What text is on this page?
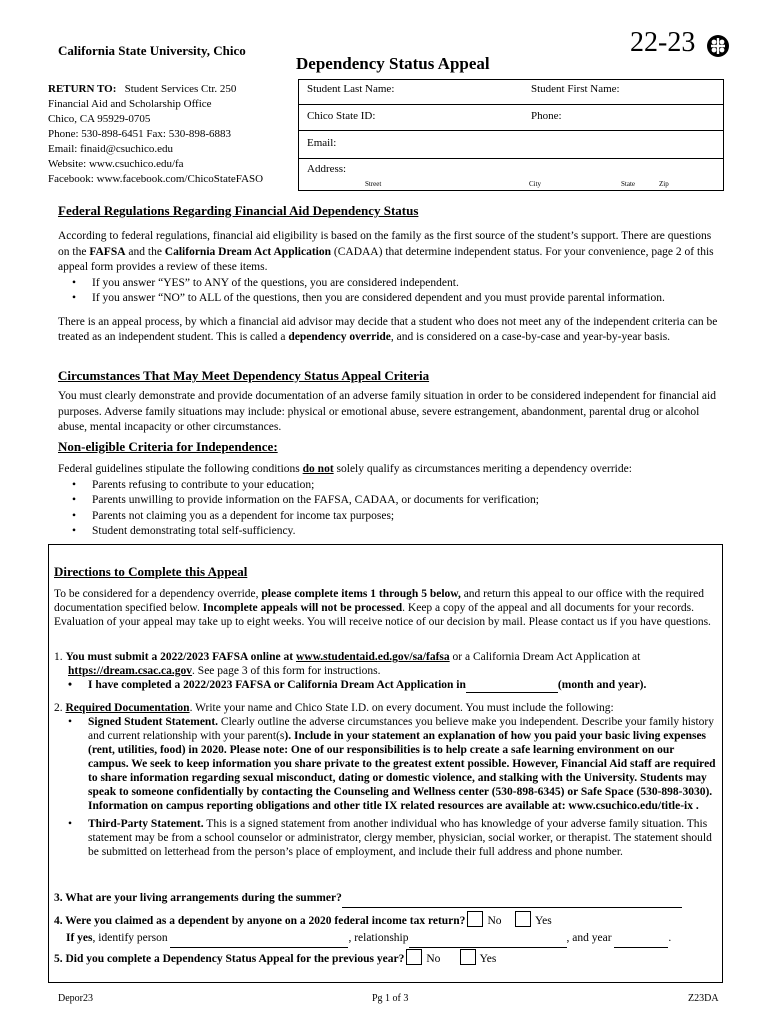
California State University, Chico
Dependency Status Appeal
22-23
RETURN TO: Student Services Ctr. 250
Financial Aid and Scholarship Office
Chico, CA 95929-0705
Phone: 530-898-6451 Fax: 530-898-6883
Email: finaid@csuchico.edu
Website: www.csuchico.edu/fa
Facebook: www.facebook.com/ChicoStateFASO
Student Last Name:	Student First Name:
Chico State ID:	Phone:
Email:
Address:
Street	City	State	Zip
Federal Regulations Regarding Financial Aid Dependency Status
According to federal regulations, financial aid eligibility is based on the family as the first source of the student’s support. There are questions on the FAFSA and the California Dream Act Application (CADAA) that determine independent status. For your convenience, page 2 of this appeal form provides a review of these items.
• If you answer “YES” to ANY of the questions, you are considered independent.
• If you answer “NO” to ALL of the questions, then you are considered dependent and you must provide parental information.
There is an appeal process, by which a financial aid advisor may decide that a student who does not meet any of the independent criteria can be treated as an independent student. This is called a dependency override, and is considered on a case-by-case and year-by-year basis.
Circumstances That May Meet Dependency Status Appeal Criteria
You must clearly demonstrate and provide documentation of an adverse family situation in order to be considered independent for financial aid purposes. Adverse family situations may include: physical or emotional abuse, severe estrangement, abandonment, parental drug or alcohol abuse, mental incapacity or other circumstances.
Non-eligible Criteria for Independence:
Federal guidelines stipulate the following conditions do not solely qualify as circumstances meriting a dependency override:
• Parents refusing to contribute to your education;
• Parents unwilling to provide information on the FAFSA, CADAA, or documents for verification;
• Parents not claiming you as a dependent for income tax purposes;
• Student demonstrating total self-sufficiency.
Directions to Complete this Appeal
To be considered for a dependency override, please complete items 1 through 5 below, and return this appeal to our office with the required documentation specified below. Incomplete appeals will not be processed. Keep a copy of the appeal and all documents for your records. Evaluation of your appeal may take up to eight weeks. You will receive notice of our decision by mail. Please contact us if you have questions.
1. You must submit a 2022/2023 FAFSA online at www.studentaid.ed.gov/sa/fafsa or a California Dream Act Application at
https://dream.csac.ca.gov. See page 3 of this form for instructions.
• I have completed a 2022/2023 FAFSA or California Dream Act Application in	(month and year).
2. Required Documentation. Write your name and Chico State I.D. on every document. You must include the following:
• Signed Student Statement. Clearly outline the adverse circumstances you believe make you independent. Describe your family history and current relationship with your parent(s). Include in your statement an explanation of how you paid your basic living expenses (rent, utilities, food) in 2020. Please note: One of our responsibilities is to help create a safe learning environment on our campus. We seek to keep information you share private to the greatest extent possible. However, Financial Aid staff are required to share information regarding sexual misconduct, dating or domestic violence, and stalking with the University. Students may speak to someone confidentially by contacting the Counseling and Wellness center (530-898-6345) or Safe Space (530-898-3030). Information on campus reporting obligations and other title IX related resources are available at: www.csuchico.edu/title-ix .
• Third-Party Statement. This is a signed statement from another individual who has knowledge of your adverse family situation. This statement may be from a school counselor or administrator, clergy member, physician, social worker, or therapist. The statement should be submitted on letterhead from the person’s place of employment, and include their full address and phone number.
3. What are your living arrangements during the summer?
4. Were you claimed as a dependent by anyone on a 2020 federal income tax return? No	Yes
If yes, identify person	, relationship	, and year	.
5. Did you complete a Dependency Status Appeal for the previous year? No	Yes
Depor23	Pg 1 of 3	Z23DA
